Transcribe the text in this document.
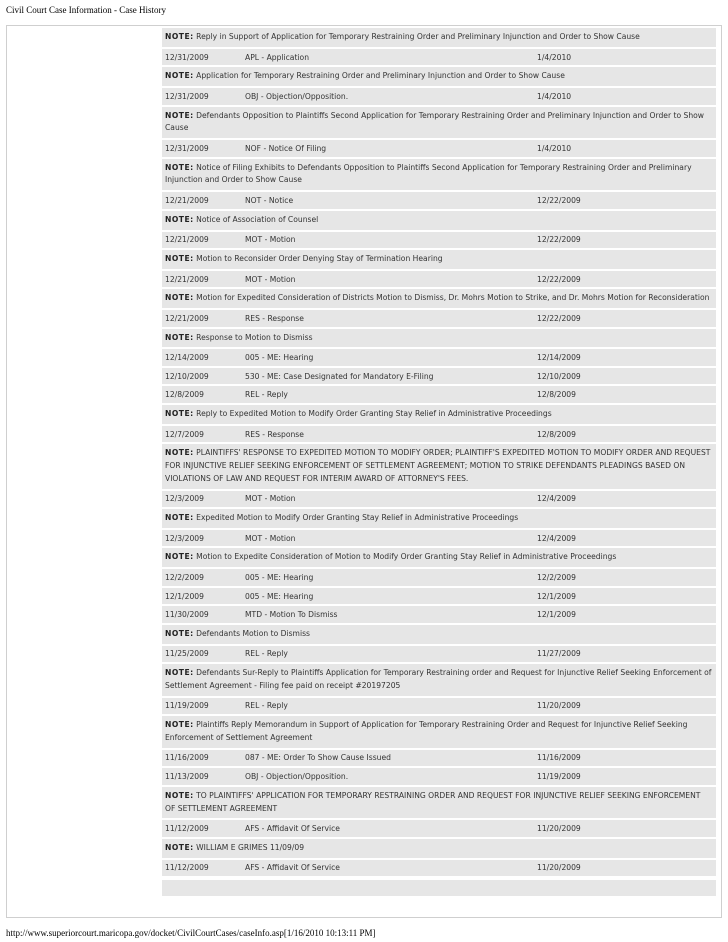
Civil Court Case Information - Case History
NOTE: Reply in Support of Application for Temporary Restraining Order and Preliminary Injunction and Order to Show Cause		
12/31/2009	APL - Application	1/4/2010
NOTE: Application for Temporary Restraining Order and Preliminary Injunction and Order to Show Cause		
12/31/2009	OBJ - Objection/Opposition.	1/4/2010
NOTE: Defendants Opposition to Plaintiffs Second Application for Temporary Restraining Order and Preliminary Injunction and Order to Show Cause		
12/31/2009	NOF - Notice Of Filing	1/4/2010
NOTE: Notice of Filing Exhibits to Defendants Opposition to Plaintiffs Second Application for Temporary Restraining Order and Preliminary Injunction and Order to Show Cause		
12/21/2009	NOT - Notice	12/22/2009
NOTE: Notice of Association of Counsel		
12/21/2009	MOT - Motion	12/22/2009
NOTE: Motion to Reconsider Order Denying Stay of Termination Hearing		
12/21/2009	MOT - Motion	12/22/2009
NOTE: Motion for Expedited Consideration of Districts Motion to Dismiss, Dr. Mohrs Motion to Strike, and Dr. Mohrs Motion for Reconsideration		
12/21/2009	RES - Response	12/22/2009
NOTE: Response to Motion to Dismiss		
12/14/2009	005 - ME: Hearing	12/14/2009
12/10/2009	530 - ME: Case Designated for Mandatory E-Filing	12/10/2009
12/8/2009	REL - Reply	12/8/2009
NOTE: Reply to Expedited Motion to Modify Order Granting Stay Relief in Administrative Proceedings		
12/7/2009	RES - Response	12/8/2009
NOTE: PLAINTIFFS' RESPONSE TO EXPEDITED MOTION TO MODIFY ORDER; PLAINTIFF'S EXPEDITED MOTION TO MODIFY ORDER AND REQUEST FOR INJUNCTIVE RELIEF SEEKING ENFORCEMENT OF SETTLEMENT AGREEMENT; MOTION TO STRIKE DEFENDANTS PLEADINGS BASED ON VIOLATIONS OF LAW AND REQUEST FOR INTERIM AWARD OF ATTORNEY'S FEES.		
12/3/2009	MOT - Motion	12/4/2009
NOTE: Expedited Motion to Modify Order Granting Stay Relief in Administrative Proceedings		
12/3/2009	MOT - Motion	12/4/2009
NOTE: Motion to Expedite Consideration of Motion to Modify Order Granting Stay Relief in Administrative Proceedings		
12/2/2009	005 - ME: Hearing	12/2/2009
12/1/2009	005 - ME: Hearing	12/1/2009
11/30/2009	MTD - Motion To Dismiss	12/1/2009
NOTE: Defendants Motion to Dismiss		
11/25/2009	REL - Reply	11/27/2009
NOTE: Defendants Sur-Reply to Plaintiffs Application for Temporary Restraining order and Request for Injunctive Relief Seeking Enforcement of Settlement Agreement - Filing fee paid on receipt #20197205		
11/19/2009	REL - Reply	11/20/2009
NOTE: Plaintiffs Reply Memorandum in Support of Application for Temporary Restraining Order and Request for Injunctive Relief Seeking Enforcement of Settlement Agreement		
11/16/2009	087 - ME: Order To Show Cause Issued	11/16/2009
11/13/2009	OBJ - Objection/Opposition.	11/19/2009
NOTE: TO PLAINTIFFS' APPLICATION FOR TEMPORARY RESTRAINING ORDER AND REQUEST FOR INJUNCTIVE RELIEF SEEKING ENFORCEMENT OF SETTLEMENT AGREEMENT		
11/12/2009	AFS - Affidavit Of Service	11/20/2009
NOTE: WILLIAM E GRIMES 11/09/09		
11/12/2009	AFS - Affidavit Of Service	11/20/2009
http://www.superiorcourt.maricopa.gov/docket/CivilCourtCases/caseInfo.asp[1/16/2010 10:13:11 PM]
